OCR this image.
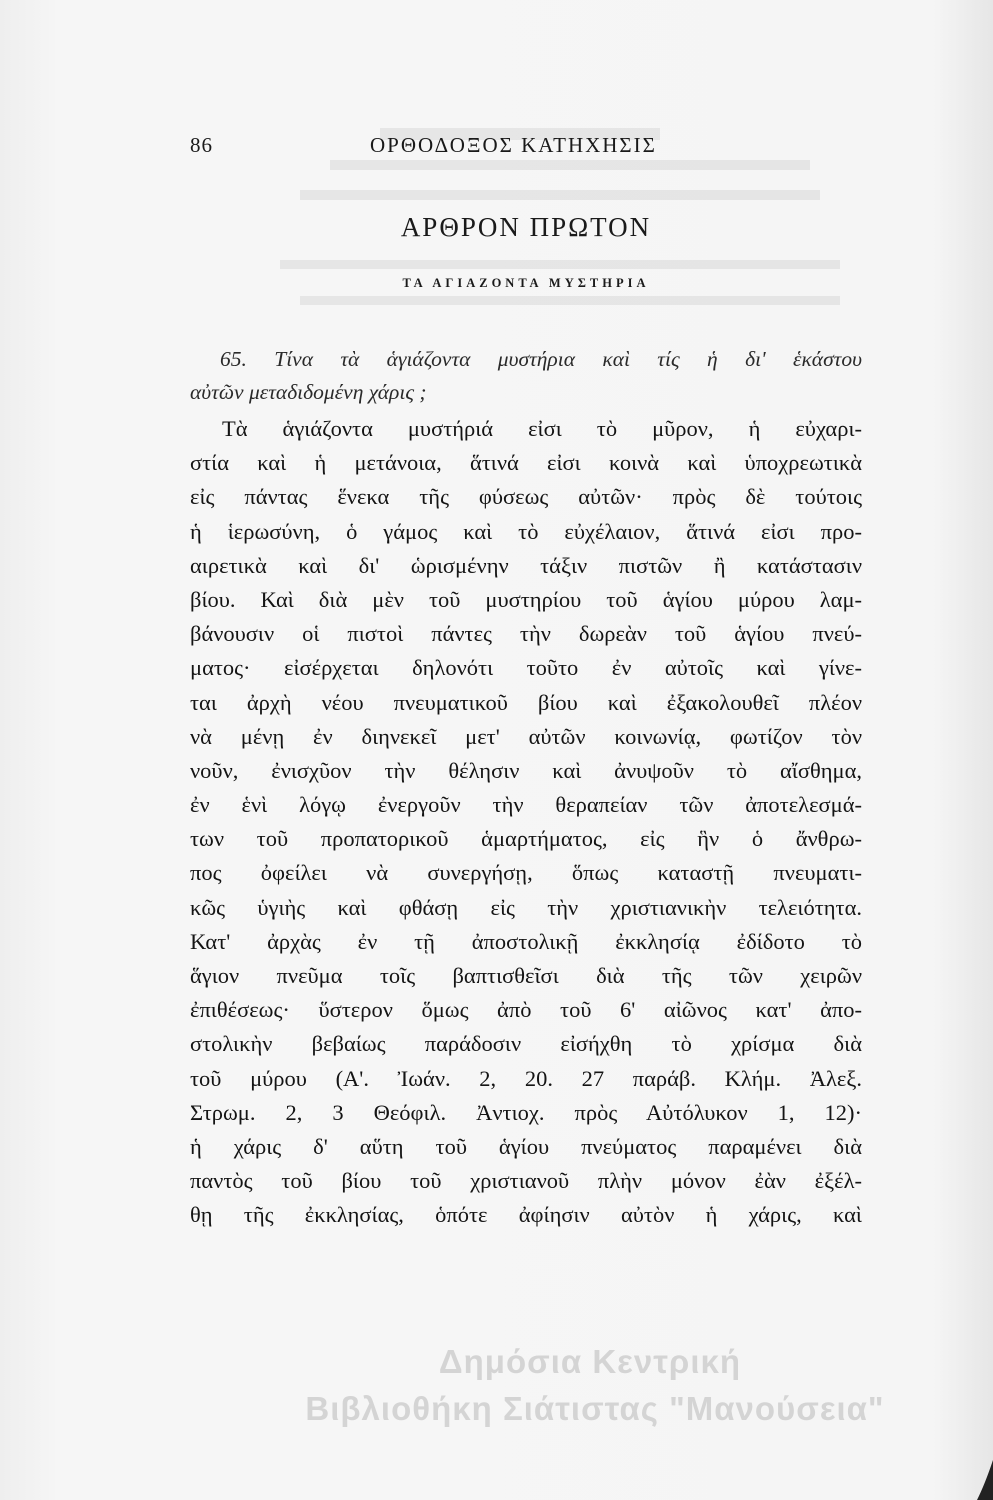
86	ΟΡΘΟΔΟΞΟΣ ΚΑΤΗΧΗΣΙΣ
ΑΡΘΡΟΝ ΠΡΩΤΟΝ
ΤΑ ΑΓΙΑΖΟΝΤΑ ΜΥΣΤΗΡΙΑ
65. Τίνα τὰ ἁγιάζοντα μυστήρια καὶ τίς ἡ δι' ἑκάστου
αὐτῶν μεταδιδομένη χάρις ;
Τὰ ἁγιάζοντα μυστήριά εἰσι τὸ μῦρον, ἡ εὐχαρι-
στία καὶ ἡ μετάνοια, ἅτινά εἰσι κοινὰ καὶ ὑποχρεωτικὰ
εἰς πάντας ἕνεκα τῆς φύσεως αὐτῶν· πρὸς δὲ τούτοις
ἡ ἱερωσύνη, ὁ γάμος καὶ τὸ εὐχέλαιον, ἅτινά εἰσι προ-
αιρετικὰ καὶ δι' ὡρισμένην τάξιν πιστῶν ἢ κατάστασιν
βίου. Καὶ διὰ μὲν τοῦ μυστηρίου τοῦ ἁγίου μύρου λαμ-
βάνουσιν οἱ πιστοὶ πάντες τὴν δωρεὰν τοῦ ἁγίου πνεύ-
ματος· εἰσέρχεται δηλονότι τοῦτο ἐν αὐτοῖς καὶ γίνε-
ται ἀρχὴ νέου πνευματικοῦ βίου καὶ ἐξακολουθεῖ πλέον
νὰ μένῃ ἐν διηνεκεῖ μετ' αὐτῶν κοινωνίᾳ, φωτίζον τὸν
νοῦν, ἐνισχῦον τὴν θέλησιν καὶ ἀνυψοῦν τὸ αἴσθημα,
ἐν ἑνὶ λόγῳ ἐνεργοῦν τὴν θεραπείαν τῶν ἀποτελεσμά-
των τοῦ προπατορικοῦ ἁμαρτήματος, εἰς ἣν ὁ ἄνθρω-
πος ὀφείλει νὰ συνεργήσῃ, ὅπως καταστῇ πνευματι-
κῶς ὑγιὴς καὶ φθάσῃ εἰς τὴν χριστιανικὴν τελειότητα.
Κατ' ἀρχὰς ἐν τῇ ἀποστολικῇ ἐκκλησίᾳ ἐδίδοτο τὸ
ἅγιον πνεῦμα τοῖς βαπτισθεῖσι διὰ τῆς τῶν χειρῶν
ἐπιθέσεως· ὕστερον ὅμως ἀπὸ τοῦ 6' αἰῶνος κατ' ἀπο-
στολικὴν βεβαίως παράδοσιν εἰσήχθη τὸ χρίσμα διὰ
τοῦ μύρου (Α'. Ἰωάν. 2, 20. 27 παράβ. Κλήμ. Ἀλεξ.
Στρωμ. 2, 3 Θεόφιλ. Ἀντιοχ. πρὸς Αὐτόλυκον 1, 12)·
ἡ χάρις δ' αὕτη τοῦ ἁγίου πνεύματος παραμένει διὰ
παντὸς τοῦ βίου τοῦ χριστιανοῦ πλὴν μόνον ἐὰν ἐξέλ-
θῃ τῆς ἐκκλησίας, ὁπότε ἀφίησιν αὐτὸν ἡ χάρις, καὶ
Δημόσια Κεντρική
Βιβλιοθήκη Σιάτιστας "Μανούσεια"
